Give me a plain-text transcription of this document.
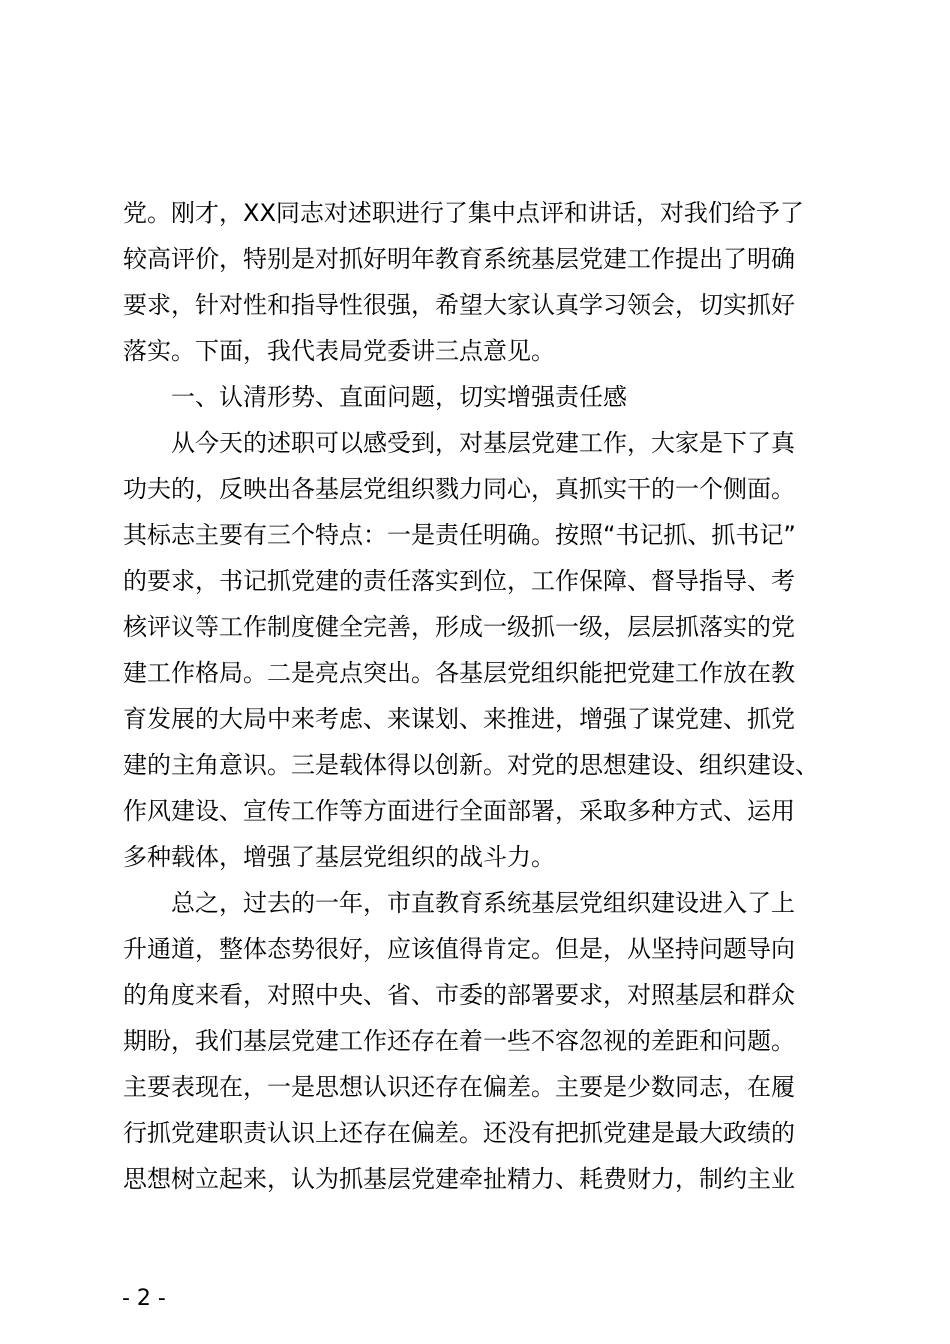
党。刚才，XX同志对述职进行了集中点评和讲话，对我们给予了
较高评价，特别是对抓好明年教育系统基层党建工作提出了明确
要求，针对性和指导性很强，希望大家认真学习领会，切实抓好
落实。下面，我代表局党委讲三点意见。
一、认清形势、直面问题，切实增强责任感
从今天的述职可以感受到，对基层党建工作，大家是下了真
功夫的，反映出各基层党组织戮力同心，真抓实干的一个侧面。
其标志主要有三个特点：一是责任明确。按照“书记抓、抓书记”
的要求，书记抓党建的责任落实到位，工作保障、督导指导、考
核评议等工作制度健全完善，形成一级抓一级，层层抓落实的党
建工作格局。二是亮点突出。各基层党组织能把党建工作放在教
育发展的大局中来考虑、来谋划、来推进，增强了谋党建、抓党
建的主角意识。三是载体得以创新。对党的思想建设、组织建设、
作风建设、宣传工作等方面进行全面部署，采取多种方式、运用
多种载体，增强了基层党组织的战斗力。
总之，过去的一年，市直教育系统基层党组织建设进入了上
升通道，整体态势很好，应该值得肯定。但是，从坚持问题导向
的角度来看，对照中央、省、市委的部署要求，对照基层和群众
期盼，我们基层党建工作还存在着一些不容忽视的差距和问题。
主要表现在，一是思想认识还存在偏差。主要是少数同志，在履
行抓党建职责认识上还存在偏差。还没有把抓党建是最大政绩的
思想树立起来，认为抓基层党建牵扯精力、耗费财力，制约主业
- 2 -
